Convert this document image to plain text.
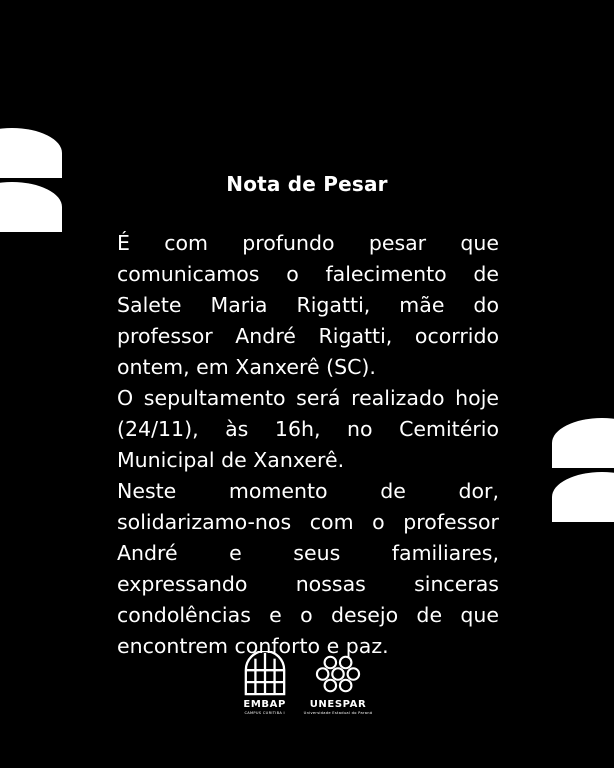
Nota de Pesar

É com profundo pesar que comunicamos o falecimento de Salete Maria Rigatti, mãe do professor André Rigatti, ocorrido ontem, em Xanxerê (SC).

O sepultamento será realizado hoje (24/11), às 16h, no Cemitério Municipal de Xanxerê.

Neste momento de dor, solidarizamo-nos com o professor André e seus familiares, expressando nossas sinceras condolências e o desejo de que encontrem conforto e paz.

EMBAP
CAMPUS CURITIBA I
UNESPAR
Universidade Estadual do Paraná
